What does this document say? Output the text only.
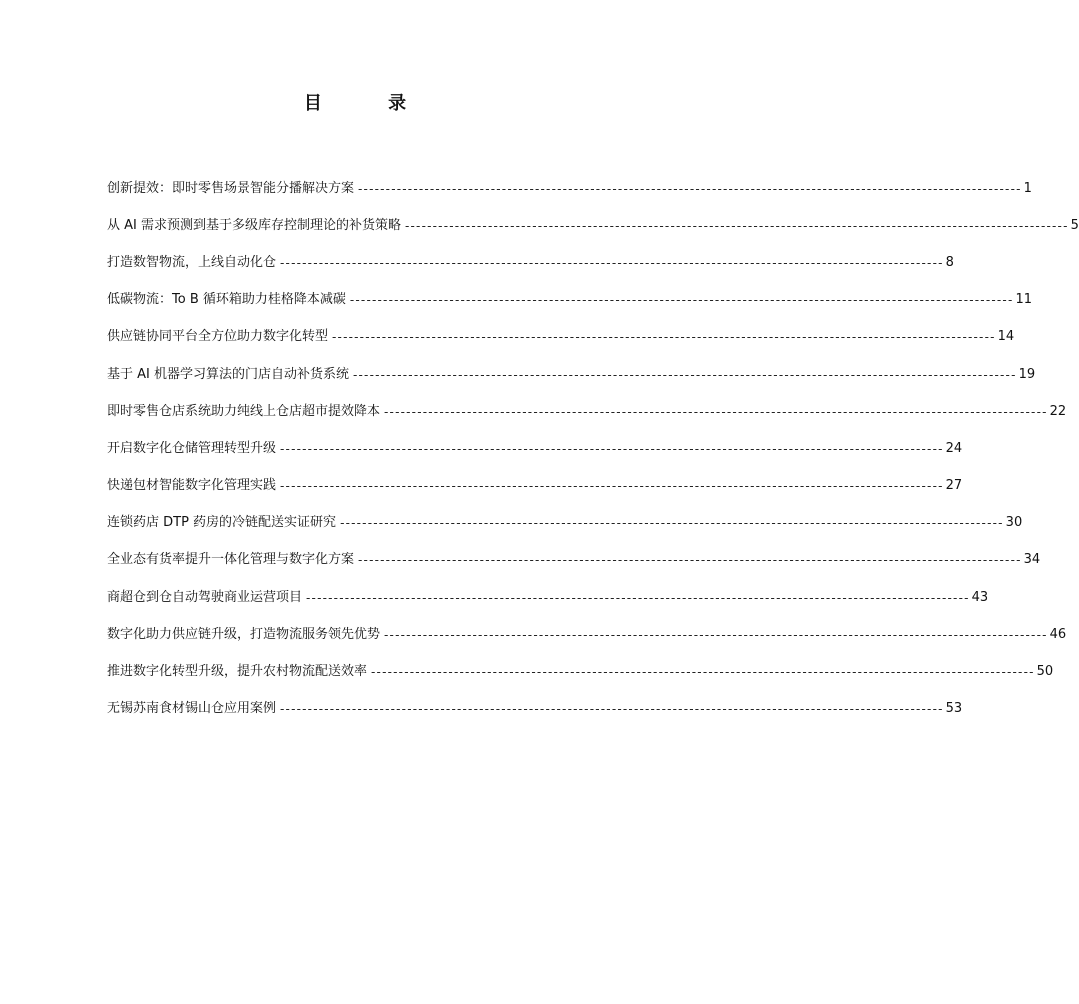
目 录
创新提效：即时零售场景智能分播解决方案 ------------------------------------------------------------------------------------------------------------------------ 1
从 AI 需求预测到基于多级库存控制理论的补货策略 ------------------------------------------------------------------------------------------------------------------------ 5
打造数智物流，上线自动化仓 ------------------------------------------------------------------------------------------------------------------------ 8
低碳物流：To B 循环箱助力桂格降本减碳 ------------------------------------------------------------------------------------------------------------------------ 11
供应链协同平台全方位助力数字化转型 ------------------------------------------------------------------------------------------------------------------------ 14
基于 AI 机器学习算法的门店自动补货系统 ------------------------------------------------------------------------------------------------------------------------ 19
即时零售仓店系统助力纯线上仓店超市提效降本 ------------------------------------------------------------------------------------------------------------------------ 22
开启数字化仓储管理转型升级 ------------------------------------------------------------------------------------------------------------------------ 24
快递包材智能数字化管理实践 ------------------------------------------------------------------------------------------------------------------------ 27
连锁药店 DTP 药房的冷链配送实证研究 ------------------------------------------------------------------------------------------------------------------------ 30
全业态有货率提升一体化管理与数字化方案 ------------------------------------------------------------------------------------------------------------------------ 34
商超仓到仓自动驾驶商业运营项目 ------------------------------------------------------------------------------------------------------------------------ 43
数字化助力供应链升级，打造物流服务领先优势 ------------------------------------------------------------------------------------------------------------------------ 46
推进数字化转型升级，提升农村物流配送效率 ------------------------------------------------------------------------------------------------------------------------ 50
无锡苏南食材锡山仓应用案例 ------------------------------------------------------------------------------------------------------------------------ 53
